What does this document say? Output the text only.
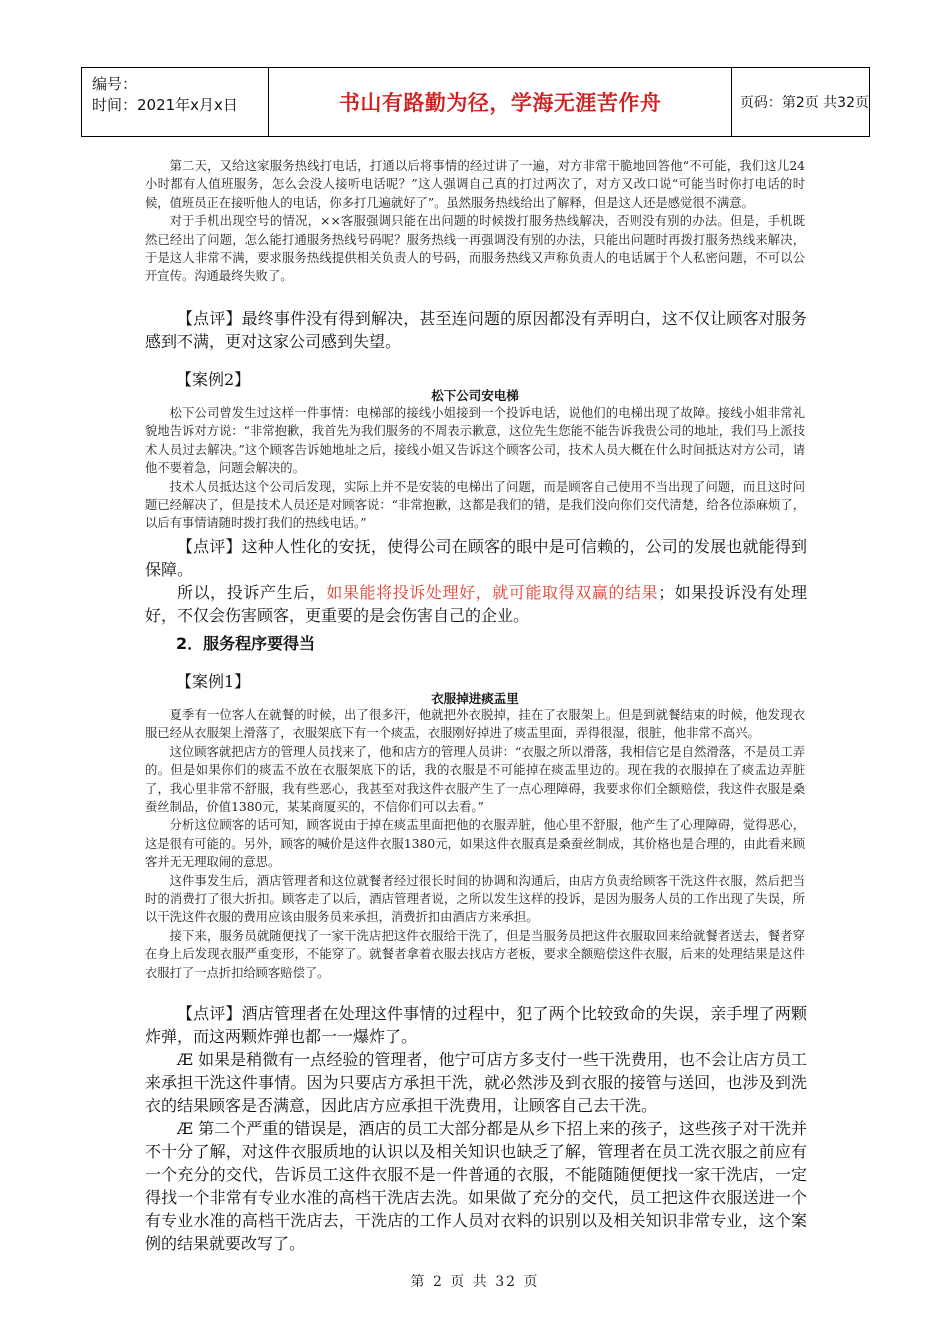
编号：
时间：2021年x月x日	书山有路勤为径，学海无涯苦作舟	页码：第2页 共32页

第二天，又给这家服务热线打电话，打通以后将事情的经过讲了一遍，对方非常干脆地回答他“不可能，我们这儿24小时都有人值班服务，怎么会没人接听电话呢？”这人强调自己真的打过两次了，对方又改口说“可能当时你打电话的时候，值班员正在接听他人的电话，你多打几遍就好了”。虽然服务热线给出了解释，但是这人还是感觉很不满意。

对于手机出现空号的情况，××客服强调只能在出问题的时候拨打服务热线解决，否则没有别的办法。但是，手机既然已经出了问题，怎么能打通服务热线号码呢？服务热线一再强调没有别的办法，只能出问题时再拨打服务热线来解决，于是这人非常不满，要求服务热线提供相关负责人的号码，而服务热线又声称负责人的电话属于个人私密问题，不可以公开宣传。沟通最终失败了。

【点评】最终事件没有得到解决，甚至连问题的原因都没有弄明白，这不仅让顾客对服务感到不满，更对这家公司感到失望。

【案例2】
松下公司安电梯

松下公司曾发生过这样一件事情：电梯部的接线小姐接到一个投诉电话，说他们的电梯出现了故障。接线小姐非常礼貌地告诉对方说：“非常抱歉，我首先为我们服务的不周表示歉意，这位先生您能不能告诉我贵公司的地址，我们马上派技术人员过去解决。”这个顾客告诉她地址之后，接线小姐又告诉这个顾客公司，技术人员大概在什么时间抵达对方公司，请他不要着急，问题会解决的。

技术人员抵达这个公司后发现，实际上并不是安装的电梯出了问题，而是顾客自己使用不当出现了问题，而且这时问题已经解决了，但是技术人员还是对顾客说：“非常抱歉，这都是我们的错，是我们没向你们交代清楚，给各位添麻烦了，以后有事情请随时拨打我们的热线电话。”

【点评】这种人性化的安抚，使得公司在顾客的眼中是可信赖的，公司的发展也就能得到保障。

所以，投诉产生后，如果能将投诉处理好，就可能取得双赢的结果；如果投诉没有处理好，不仅会伤害顾客，更重要的是会伤害自己的企业。

2．服务程序要得当
【案例1】
衣服掉进痰盂里

夏季有一位客人在就餐的时候，出了很多汗，他就把外衣脱掉，挂在了衣服架上。但是到就餐结束的时候，他发现衣服已经从衣服架上滑落了，衣服架底下有一个痰盂，衣服刚好掉进了痰盂里面，弄得很湿，很脏，他非常不高兴。

这位顾客就把店方的管理人员找来了，他和店方的管理人员讲：“衣服之所以滑落，我相信它是自然滑落，不是员工弄的。但是如果你们的痰盂不放在衣服架底下的话，我的衣服是不可能掉在痰盂里边的。现在我的衣服掉在了痰盂边弄脏了，我心里非常不舒服，我有些恶心，我甚至对我这件衣服产生了一点心理障碍，我要求你们全额赔偿，我这件衣服是桑蚕丝制品，价值1380元，某某商厦买的，不信你们可以去看。”

分析这位顾客的话可知，顾客说由于掉在痰盂里面把他的衣服弄脏，他心里不舒服，他产生了心理障碍，觉得恶心，这是很有可能的。另外，顾客的喊价是这件衣服1380元，如果这件衣服真是桑蚕丝制成，其价格也是合理的，由此看来顾客并无无理取闹的意思。

这件事发生后，酒店管理者和这位就餐者经过很长时间的协调和沟通后，由店方负责给顾客干洗这件衣服，然后把当时的消费打了很大折扣。顾客走了以后，酒店管理者说，之所以发生这样的投诉，是因为服务人员的工作出现了失误，所以干洗这件衣服的费用应该由服务员来承担，消费折扣由酒店方来承担。

接下来，服务员就随便找了一家干洗店把这件衣服给干洗了，但是当服务员把这件衣服取回来给就餐者送去，餐者穿在身上后发现衣服严重变形，不能穿了。就餐者拿着衣服去找店方老板，要求全额赔偿这件衣服，后来的处理结果是这件衣服打了一点折扣给顾客赔偿了。

【点评】酒店管理者在处理这件事情的过程中，犯了两个比较致命的失误，亲手埋了两颗炸弹，而这两颗炸弹也都一一爆炸了。

Æ 如果是稍微有一点经验的管理者，他宁可店方多支付一些干洗费用，也不会让店方员工来承担干洗这件事情。因为只要店方承担干洗，就必然涉及到衣服的接管与送回，也涉及到洗衣的结果顾客是否满意，因此店方应承担干洗费用，让顾客自己去干洗。

Æ 第二个严重的错误是，酒店的员工大部分都是从乡下招上来的孩子，这些孩子对干洗并不十分了解，对这件衣服质地的认识以及相关知识也缺乏了解，管理者在员工洗衣服之前应有一个充分的交代，告诉员工这件衣服不是一件普通的衣服，不能随随便便找一家干洗店，一定得找一个非常有专业水准的高档干洗店去洗。如果做了充分的交代，员工把这件衣服送进一个有专业水准的高档干洗店去，干洗店的工作人员对衣料的识别以及相关知识非常专业，这个案例的结果就要改写了。

第 2 页 共 32 页
